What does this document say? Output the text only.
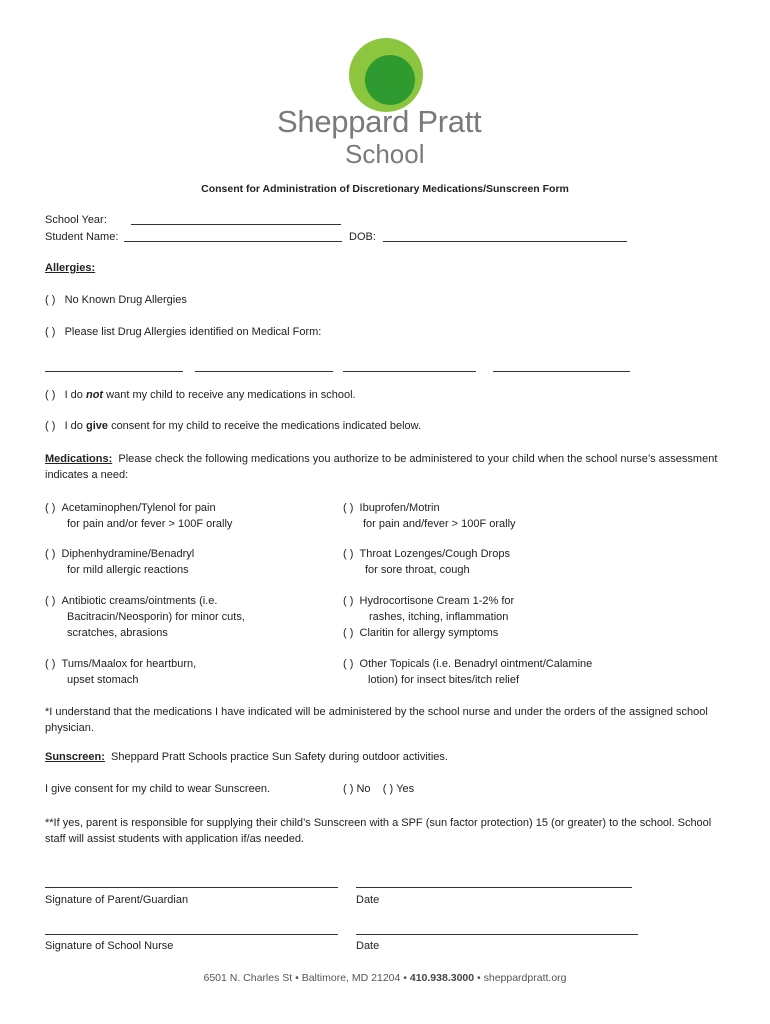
Sheppard Pratt
School
Consent for Administration of Discretionary Medications/Sunscreen Form
School Year:
Student Name:	DOB:
Allergies:
( ) No Known Drug Allergies
( ) Please list Drug Allergies identified on Medical Form:
( ) I do not want my child to receive any medications in school.
( ) I do give consent for my child to receive the medications indicated below.
Medications: Please check the following medications you authorize to be administered to your child when the school nurse’s assessment indicates a need:
( ) Acetaminophen/Tylenol for pain
for pain and/or fever > 100F orally
( ) Diphenhydramine/Benadryl
for mild allergic reactions
( ) Antibiotic creams/ointments (i.e.
Bacitracin/Neosporin) for minor cuts,
scratches, abrasions
( ) Tums/Maalox for heartburn,
upset stomach
( ) Ibuprofen/Motrin
for pain and/fever > 100F orally
( ) Throat Lozenges/Cough Drops
for sore throat, cough
( ) Hydrocortisone Cream 1-2% for
rashes, itching, inflammation
( ) Claritin for allergy symptoms
( ) Other Topicals (i.e. Benadryl ointment/Calamine
lotion) for insect bites/itch relief
*I understand that the medications I have indicated will be administered by the school nurse and under the orders of the assigned school physician.
Sunscreen: Sheppard Pratt Schools practice Sun Safety during outdoor activities.
I give consent for my child to wear Sunscreen.	( ) No ( ) Yes
**If yes, parent is responsible for supplying their child’s Sunscreen with a SPF (sun factor protection) 15 (or greater) to the school. School staff will assist students with application if/as needed.
Signature of Parent/Guardian	Date
Signature of School Nurse	Date
6501 N. Charles St • Baltimore, MD 21204 • 410.938.3000 • sheppardpratt.org
